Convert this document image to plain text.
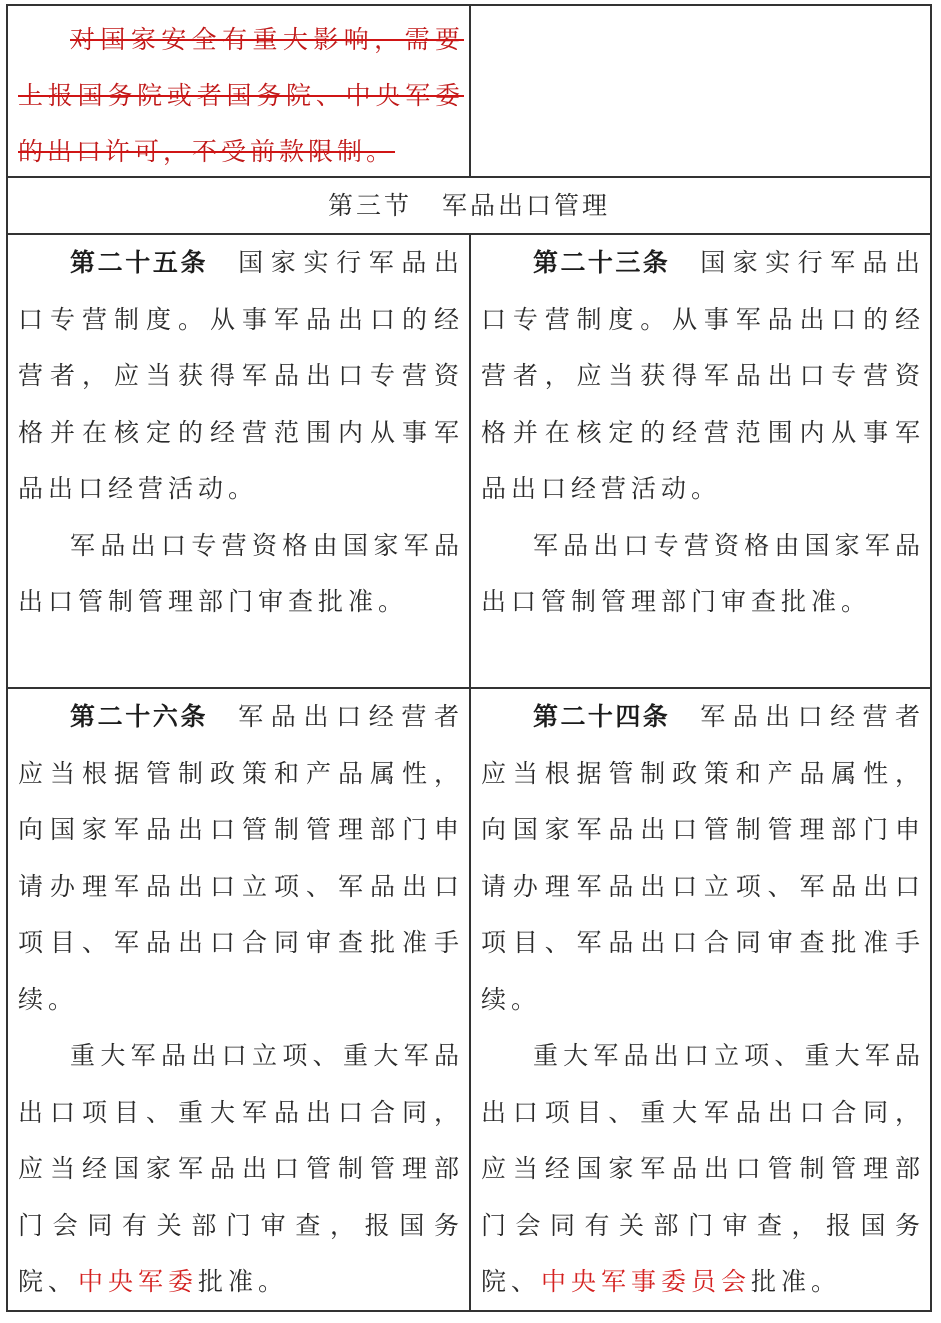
对国家安全有重大影响，需要上报国务院或者国务院、中央军委的出口许可，不受前款限制。

第三节 军品出口管理

第二十五条 国家实行军品出口专营制度。从事军品出口的经营者，应当获得军品出口专营资格并在核定的经营范围内从事军品出口经营活动。

军品出口专营资格由国家军品出口管制管理部门审查批准。

第二十三条 国家实行军品出口专营制度。从事军品出口的经营者，应当获得军品出口专营资格并在核定的经营范围内从事军品出口经营活动。

军品出口专营资格由国家军品出口管制管理部门审查批准。

第二十六条 军品出口经营者应当根据管制政策和产品属性，向国家军品出口管制管理部门申请办理军品出口立项、军品出口项目、军品出口合同审查批准手续。

重大军品出口立项、重大军品出口项目、重大军品出口合同，应当经国家军品出口管制管理部门会同有关部门审查，报国务院、中央军委批准。

第二十四条 军品出口经营者应当根据管制政策和产品属性，向国家军品出口管制管理部门申请办理军品出口立项、军品出口项目、军品出口合同审查批准手续。

重大军品出口立项、重大军品出口项目、重大军品出口合同，应当经国家军品出口管制管理部门会同有关部门审查，报国务院、中央军事委员会批准。
